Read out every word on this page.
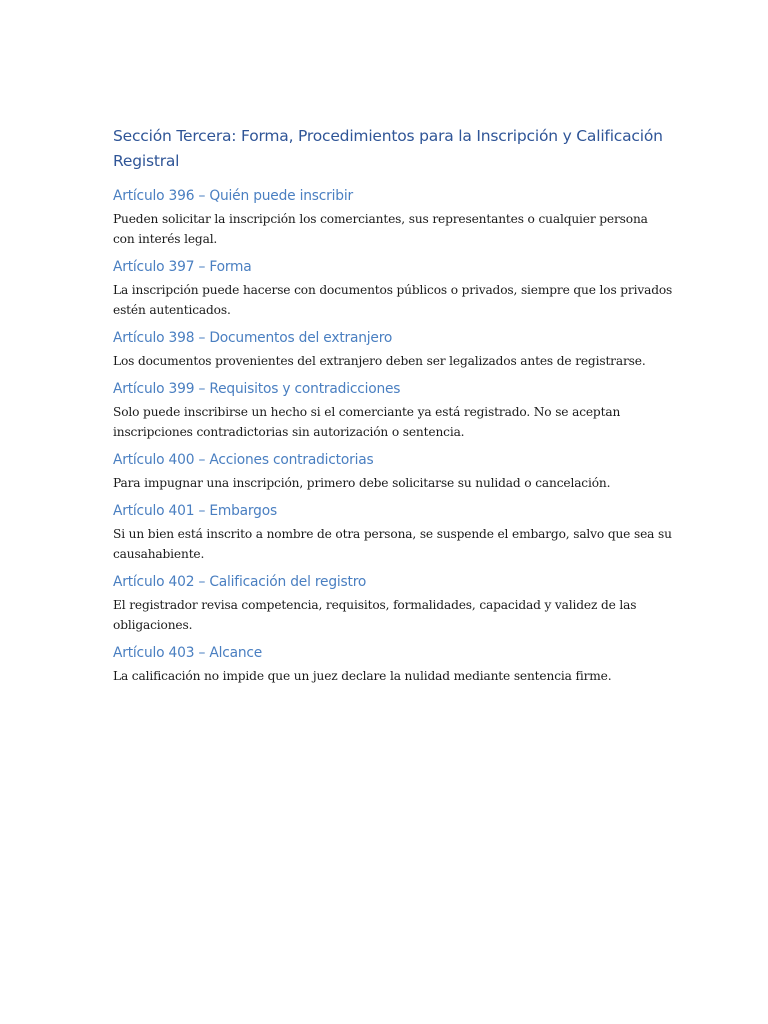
Sección Tercera: Forma, Procedimientos para la Inscripción y Calificación Registral
Artículo 396 – Quién puede inscribir

Pueden solicitar la inscripción los comerciantes, sus representantes o cualquier persona con interés legal.

Artículo 397 – Forma

La inscripción puede hacerse con documentos públicos o privados, siempre que los privados estén autenticados.

Artículo 398 – Documentos del extranjero

Los documentos provenientes del extranjero deben ser legalizados antes de registrarse.

Artículo 399 – Requisitos y contradicciones

Solo puede inscribirse un hecho si el comerciante ya está registrado. No se aceptan inscripciones contradictorias sin autorización o sentencia.

Artículo 400 – Acciones contradictorias

Para impugnar una inscripción, primero debe solicitarse su nulidad o cancelación.

Artículo 401 – Embargos

Si un bien está inscrito a nombre de otra persona, se suspende el embargo, salvo que sea su causahabiente.

Artículo 402 – Calificación del registro

El registrador revisa competencia, requisitos, formalidades, capacidad y validez de las obligaciones.

Artículo 403 – Alcance

La calificación no impide que un juez declare la nulidad mediante sentencia firme.
